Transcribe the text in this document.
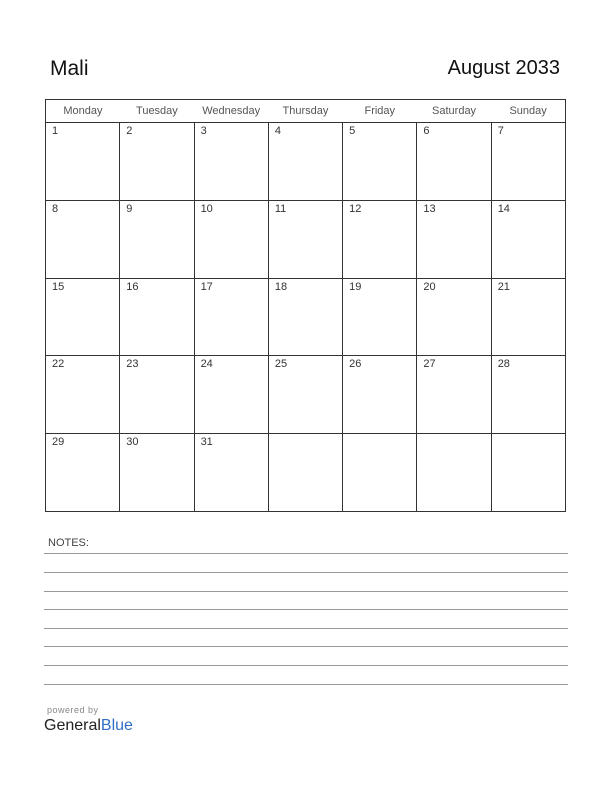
Mali	August 2033
Monday	Tuesday	Wednesday	Thursday	Friday	Saturday	Sunday

1	2	3	4	5	6	7

8	9	10	11	12	13	14

15	16	17	18	19	20	21

22	23	24	25	26	27	28

29	30	31				

NOTES:
powered by
GeneralBlue
